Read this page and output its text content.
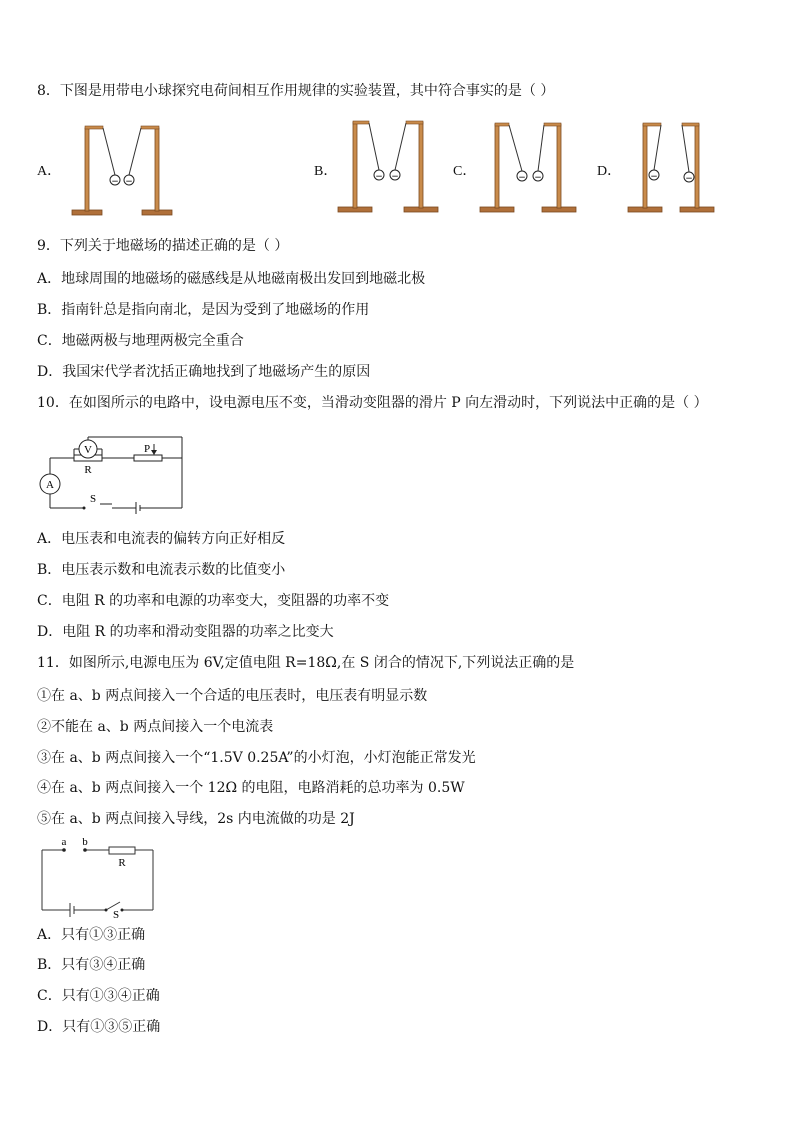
8．下图是用带电小球探究电荷间相互作用规律的实验装置，其中符合事实的是（ ）
A．
− −
B．	− −	C．	− −	D．	−	−
9．下列关于地磁场的描述正确的是（ ）
A．地球周围的地磁场的磁感线是从地磁南极出发回到地磁北极
B．指南针总是指向南北，是因为受到了地磁场的作用
C．地磁两极与地理两极完全重合
D．我国宋代学者沈括正确地找到了地磁场产生的原因
10．在如图所示的电路中，设电源电压不变，当滑动变阻器的滑片 P 向左滑动时，下列说法中正确的是（ ）
V
R
P
A
S
A．电压表和电流表的偏转方向正好相反
B．电压表示数和电流表示数的比值变小
C．电阻 R 的功率和电源的功率变大，变阻器的功率不变
D．电阻 R 的功率和滑动变阻器的功率之比变大
11．如图所示,电源电压为 6V,定值电阻 R=18Ω,在 S 闭合的情况下,下列说法正确的是
①在 a、b 两点间接入一个合适的电压表时，电压表有明显示数
②不能在 a、b 两点间接入一个电流表
③在 a、b 两点间接入一个“1.5V 0.25A”的小灯泡，小灯泡能正常发光
④在 a、b 两点间接入一个 12Ω 的电阻，电路消耗的总功率为 0.5W
⑤在 a、b 两点间接入导线，2s 内电流做的功是 2J
a b
R
S
A．只有①③正确
B．只有③④正确
C．只有①③④正确
D．只有①③⑤正确
